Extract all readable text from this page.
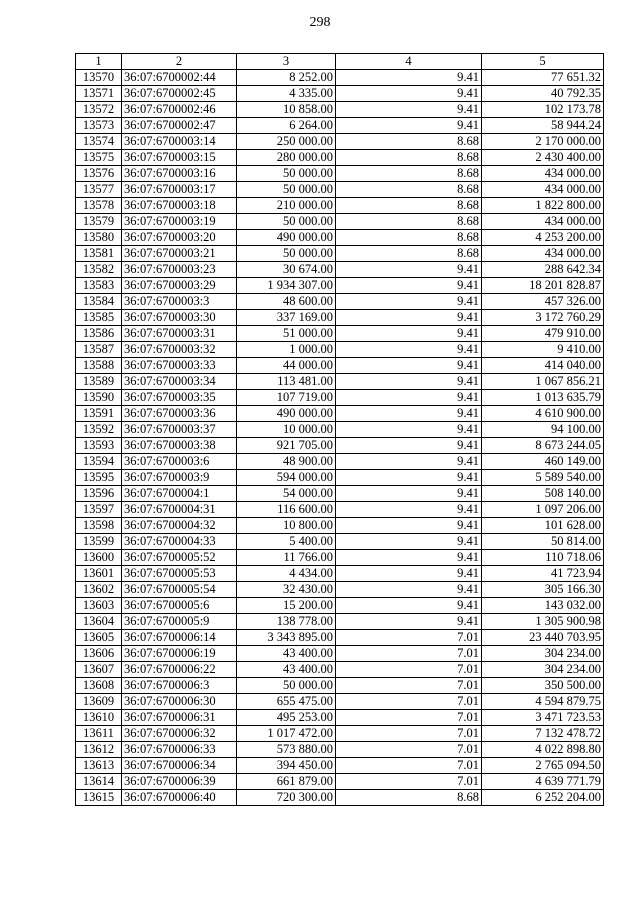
298
1	2	3	4	5
13570	36:07:6700002:44	8 252.00	9.41	77 651.32
13571	36:07:6700002:45	4 335.00	9.41	40 792.35
13572	36:07:6700002:46	10 858.00	9.41	102 173.78
13573	36:07:6700002:47	6 264.00	9.41	58 944.24
13574	36:07:6700003:14	250 000.00	8.68	2 170 000.00
13575	36:07:6700003:15	280 000.00	8.68	2 430 400.00
13576	36:07:6700003:16	50 000.00	8.68	434 000.00
13577	36:07:6700003:17	50 000.00	8.68	434 000.00
13578	36:07:6700003:18	210 000.00	8.68	1 822 800.00
13579	36:07:6700003:19	50 000.00	8.68	434 000.00
13580	36:07:6700003:20	490 000.00	8.68	4 253 200.00
13581	36:07:6700003:21	50 000.00	8.68	434 000.00
13582	36:07:6700003:23	30 674.00	9.41	288 642.34
13583	36:07:6700003:29	1 934 307.00	9.41	18 201 828.87
13584	36:07:6700003:3	48 600.00	9.41	457 326.00
13585	36:07:6700003:30	337 169.00	9.41	3 172 760.29
13586	36:07:6700003:31	51 000.00	9.41	479 910.00
13587	36:07:6700003:32	1 000.00	9.41	9 410.00
13588	36:07:6700003:33	44 000.00	9.41	414 040.00
13589	36:07:6700003:34	113 481.00	9.41	1 067 856.21
13590	36:07:6700003:35	107 719.00	9.41	1 013 635.79
13591	36:07:6700003:36	490 000.00	9.41	4 610 900.00
13592	36:07:6700003:37	10 000.00	9.41	94 100.00
13593	36:07:6700003:38	921 705.00	9.41	8 673 244.05
13594	36:07:6700003:6	48 900.00	9.41	460 149.00
13595	36:07:6700003:9	594 000.00	9.41	5 589 540.00
13596	36:07:6700004:1	54 000.00	9.41	508 140.00
13597	36:07:6700004:31	116 600.00	9.41	1 097 206.00
13598	36:07:6700004:32	10 800.00	9.41	101 628.00
13599	36:07:6700004:33	5 400.00	9.41	50 814.00
13600	36:07:6700005:52	11 766.00	9.41	110 718.06
13601	36:07:6700005:53	4 434.00	9.41	41 723.94
13602	36:07:6700005:54	32 430.00	9.41	305 166.30
13603	36:07:6700005:6	15 200.00	9.41	143 032.00
13604	36:07:6700005:9	138 778.00	9.41	1 305 900.98
13605	36:07:6700006:14	3 343 895.00	7.01	23 440 703.95
13606	36:07:6700006:19	43 400.00	7.01	304 234.00
13607	36:07:6700006:22	43 400.00	7.01	304 234.00
13608	36:07:6700006:3	50 000.00	7.01	350 500.00
13609	36:07:6700006:30	655 475.00	7.01	4 594 879.75
13610	36:07:6700006:31	495 253.00	7.01	3 471 723.53
13611	36:07:6700006:32	1 017 472.00	7.01	7 132 478.72
13612	36:07:6700006:33	573 880.00	7.01	4 022 898.80
13613	36:07:6700006:34	394 450.00	7.01	2 765 094.50
13614	36:07:6700006:39	661 879.00	7.01	4 639 771.79
13615	36:07:6700006:40	720 300.00	8.68	6 252 204.00
